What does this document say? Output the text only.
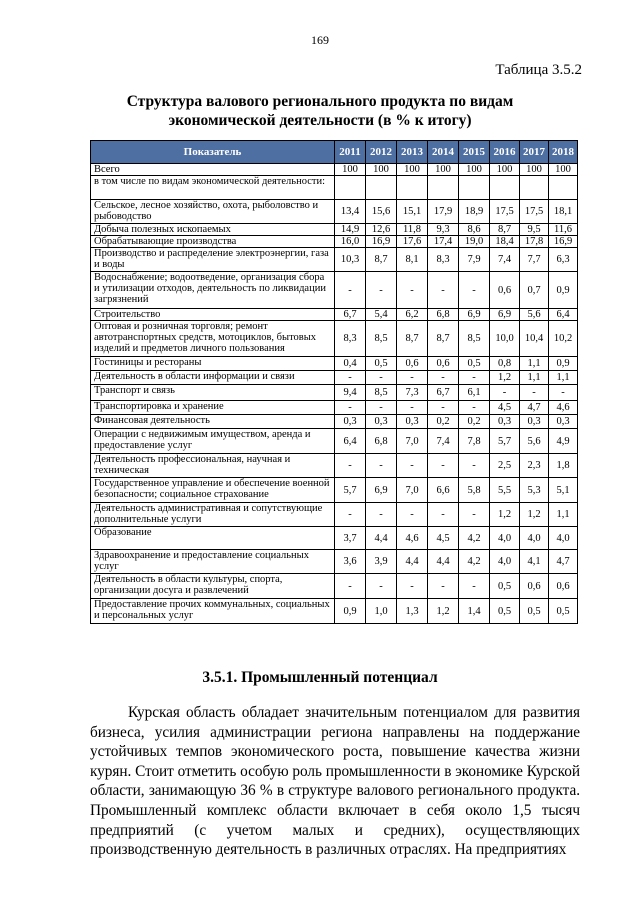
169
Таблица 3.5.2
Структура валового регионального продукта по видам экономической деятельности (в % к итогу)
Показатель	2011	2012	2013	2014	2015	2016	2017	2018
Всего	100	100	100	100	100	100	100	100
в том числе по видам экономической деятельности:								
Сельское, лесное хозяйство, охота, рыболовство и рыбоводство	13,4	15,6	15,1	17,9	18,9	17,5	17,5	18,1
Добыча полезных ископаемых	14,9	12,6	11,8	9,3	8,6	8,7	9,5	11,6
Обрабатывающие производства	16,0	16,9	17,6	17,4	19,0	18,4	17,8	16,9
Производство и распределение электроэнергии, газа и воды	10,3	8,7	8,1	8,3	7,9	7,4	7,7	6,3
Водоснабжение; водоотведение, организация сбора и утилизации отходов, деятельность по ликвидации загрязнений	-	-	-	-	-	0,6	0,7	0,9
Строительство	6,7	5,4	6,2	6,8	6,9	6,9	5,6	6,4
Оптовая и розничная торговля; ремонт автотранспортных средств, мотоциклов, бытовых изделий и предметов личного пользования	8,3	8,5	8,7	8,7	8,5	10,0	10,4	10,2
Гостиницы и рестораны	0,4	0,5	0,6	0,6	0,5	0,8	1,1	0,9
Деятельность в области информации и связи	-	-	-	-	-	1,2	1,1	1,1
Транспорт и связь	9,4	8,5	7,3	6,7	6,1	-	-	-
Транспортировка и хранение	-	-	-	-	-	4,5	4,7	4,6
Финансовая деятельность	0,3	0,3	0,3	0,2	0,2	0,3	0,3	0,3
Операции с недвижимым имуществом, аренда и предоставление услуг	6,4	6,8	7,0	7,4	7,8	5,7	5,6	4,9
Деятельность профессиональная, научная и техническая	-	-	-	-	-	2,5	2,3	1,8
Государственное управление и обеспечение военной безопасности; социальное страхование	5,7	6,9	7,0	6,6	5,8	5,5	5,3	5,1
Деятельность административная и сопутствующие дополнительные услуги	-	-	-	-	-	1,2	1,2	1,1
Образование	3,7	4,4	4,6	4,5	4,2	4,0	4,0	4,0
Здравоохранение и предоставление социальных услуг	3,6	3,9	4,4	4,4	4,2	4,0	4,1	4,7
Деятельность в области культуры, спорта, организации досуга и развлечений	-	-	-	-	-	0,5	0,6	0,6
Предоставление прочих коммунальных, социальных и персональных услуг	0,9	1,0	1,3	1,2	1,4	0,5	0,5	0,5
3.5.1. Промышленный потенциал

Курская область обладает значительным потенциалом для развития бизнеса, усилия администрации региона направлены на поддержание устойчивых темпов экономического роста, повышение качества жизни курян. Стоит отметить особую роль промышленности в экономике Курской области, занимающую 36 % в структуре валового регионального продукта. Промышленный комплекс области включает в себя около 1,5 тысяч предприятий (с учетом малых и средних), осуществляющих производственную деятельность в различных отраслях. На предприятиях
